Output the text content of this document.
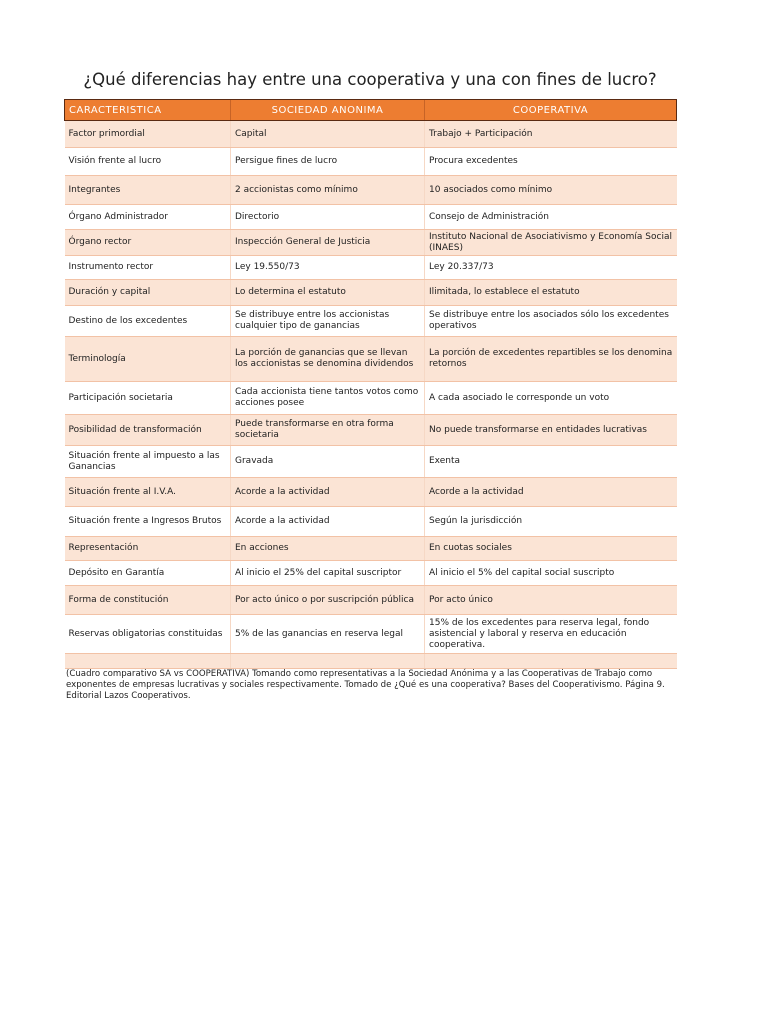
¿Qué diferencias hay entre una cooperativa y una con fines de lucro?
CARACTERISTICA	SOCIEDAD ANONIMA	COOPERATIVA
Factor primordial	Capital	Trabajo + Participación
Visión frente al lucro	Persigue fines de lucro	Procura excedentes
Integrantes	2 accionistas como mínimo	10 asociados como mínimo
Órgano Administrador	Directorio	Consejo de Administración
Órgano rector	Inspección General de Justicia	Instituto Nacional de Asociativismo y Economía Social (INAES)
Instrumento rector	Ley 19.550/73	Ley 20.337/73
Duración y capital	Lo determina el estatuto	Ilimitada, lo establece el estatuto
Destino de los excedentes	Se distribuye entre los accionistas cualquier tipo de ganancias	Se distribuye entre los asociados sólo los excedentes operativos
Terminología	La porción de ganancias que se llevan los accionistas se denomina dividendos	La porción de excedentes repartibles se los denomina retornos
Participación societaria	Cada accionista tiene tantos votos como acciones posee	A cada asociado le corresponde un voto
Posibilidad de transformación	Puede transformarse en otra forma societaria	No puede transformarse en entidades lucrativas
Situación frente al impuesto a las Ganancias	Gravada	Exenta
Situación frente al I.V.A.	Acorde a la actividad	Acorde a la actividad
Situación frente a Ingresos Brutos	Acorde a la actividad	Según la jurisdicción
Representación	En acciones	En cuotas sociales
Depósito en Garantía	Al inicio el 25% del capital suscriptor	Al inicio el 5% del capital social suscripto
Forma de constitución	Por acto único o por suscripción pública	Por acto único
Reservas obligatorias constituidas	5% de las ganancias en reserva legal	15% de los excedentes para reserva legal, fondo asistencial y laboral y reserva en educación cooperativa.

(Cuadro comparativo SA vs COOPERATIVA) Tomando como representativas a la Sociedad Anónima y a las Cooperativas de Trabajo como exponentes de empresas lucrativas y sociales respectivamente. Tomado de ¿Qué es una cooperativa? Bases del Cooperativismo. Página 9. Editorial Lazos Cooperativos.
